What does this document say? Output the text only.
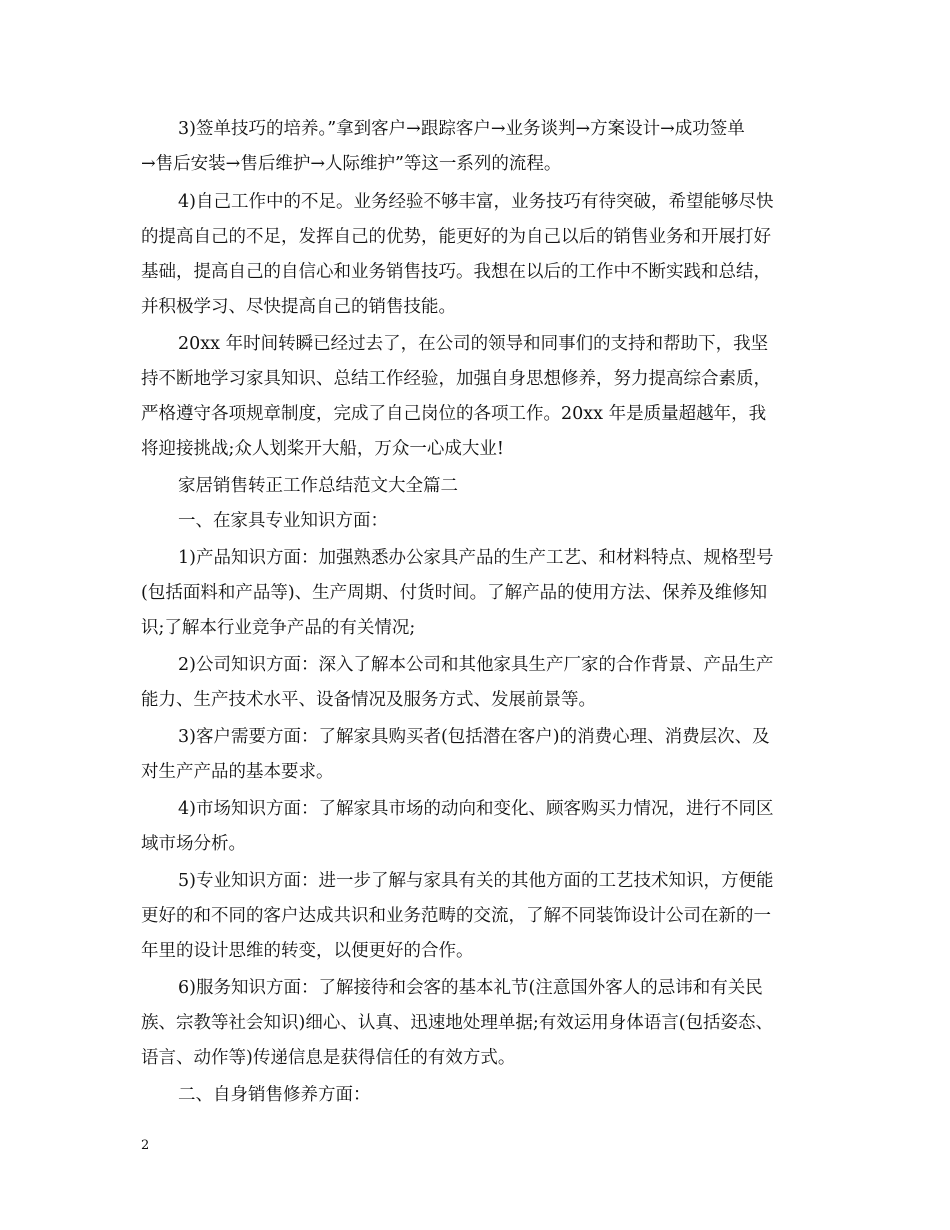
3)签单技巧的培养。”拿到客户→跟踪客户→业务谈判→方案设计→成功签单
→售后安装→售后维护→人际维护”等这一系列的流程。
4)自己工作中的不足。业务经验不够丰富，业务技巧有待突破，希望能够尽快
的提高自己的不足，发挥自己的优势，能更好的为自己以后的销售业务和开展打好
基础，提高自己的自信心和业务销售技巧。我想在以后的工作中不断实践和总结，
并积极学习、尽快提高自己的销售技能。
20xx 年时间转瞬已经过去了，在公司的领导和同事们的支持和帮助下，我坚
持不断地学习家具知识、总结工作经验，加强自身思想修养，努力提高综合素质，
严格遵守各项规章制度，完成了自己岗位的各项工作。20xx 年是质量超越年，我
将迎接挑战;众人划桨开大船，万众一心成大业!
家居销售转正工作总结范文大全篇二
一、在家具专业知识方面：
1)产品知识方面：加强熟悉办公家具产品的生产工艺、和材料特点、规格型号
(包括面料和产品等)、生产周期、付货时间。了解产品的使用方法、保养及维修知
识;了解本行业竞争产品的有关情况;
2)公司知识方面：深入了解本公司和其他家具生产厂家的合作背景、产品生产
能力、生产技术水平、设备情况及服务方式、发展前景等。
3)客户需要方面：了解家具购买者(包括潜在客户)的消费心理、消费层次、及
对生产产品的基本要求。
4)市场知识方面：了解家具市场的动向和变化、顾客购买力情况，进行不同区
域市场分析。
5)专业知识方面：进一步了解与家具有关的其他方面的工艺技术知识，方便能
更好的和不同的客户达成共识和业务范畴的交流，了解不同装饰设计公司在新的一
年里的设计思维的转变，以便更好的合作。
6)服务知识方面：了解接待和会客的基本礼节(注意国外客人的忌讳和有关民
族、宗教等社会知识)细心、认真、迅速地处理单据;有效运用身体语言(包括姿态、
语言、动作等)传递信息是获得信任的有效方式。
二、自身销售修养方面：
2
